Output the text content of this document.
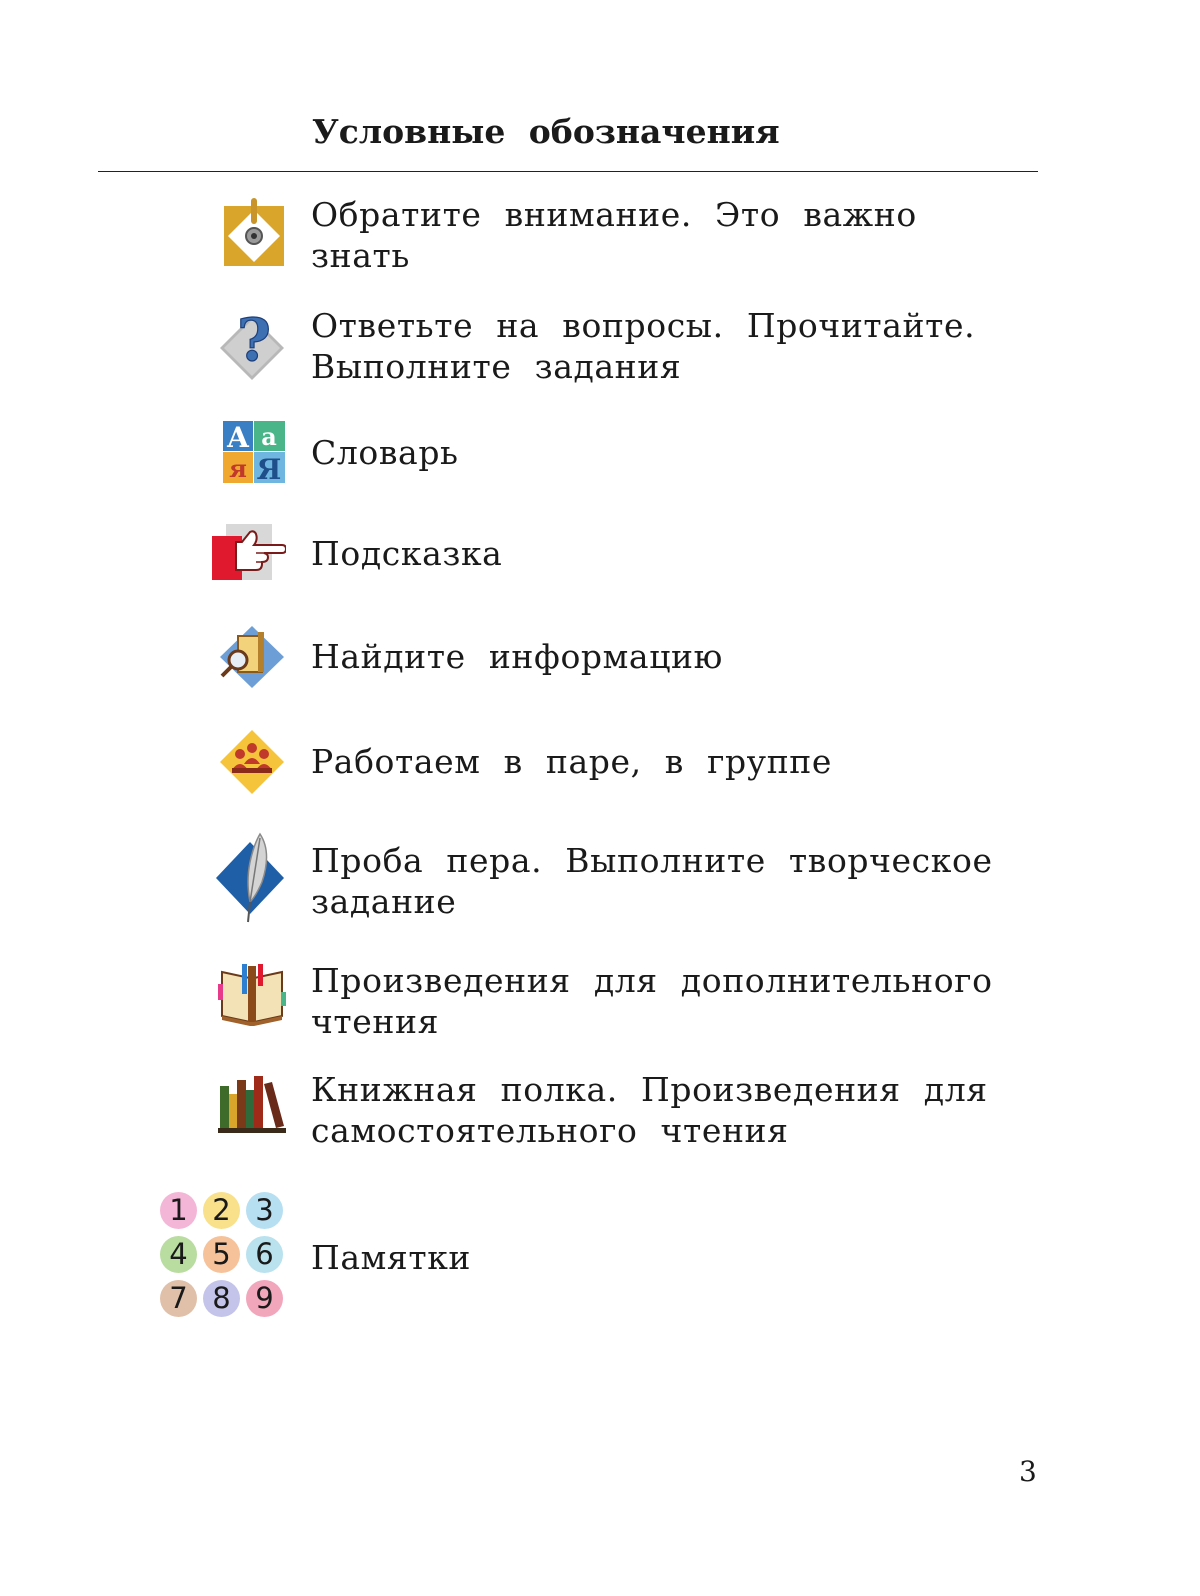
Условные обозначения
Обратите внимание. Это важно знать
? Ответьте на вопросы. Прочитайте. Выполните задания
А а
я Я Словарь
Подсказка
Найдите информацию
Работаем в паре, в группе
Проба пера. Выполните творческое задание
Произведения для дополнительного чтения
Книжная полка. Произведения для самостоятельного чтения
1 2 3
4 5 6
7 8 9
Памятки
3
